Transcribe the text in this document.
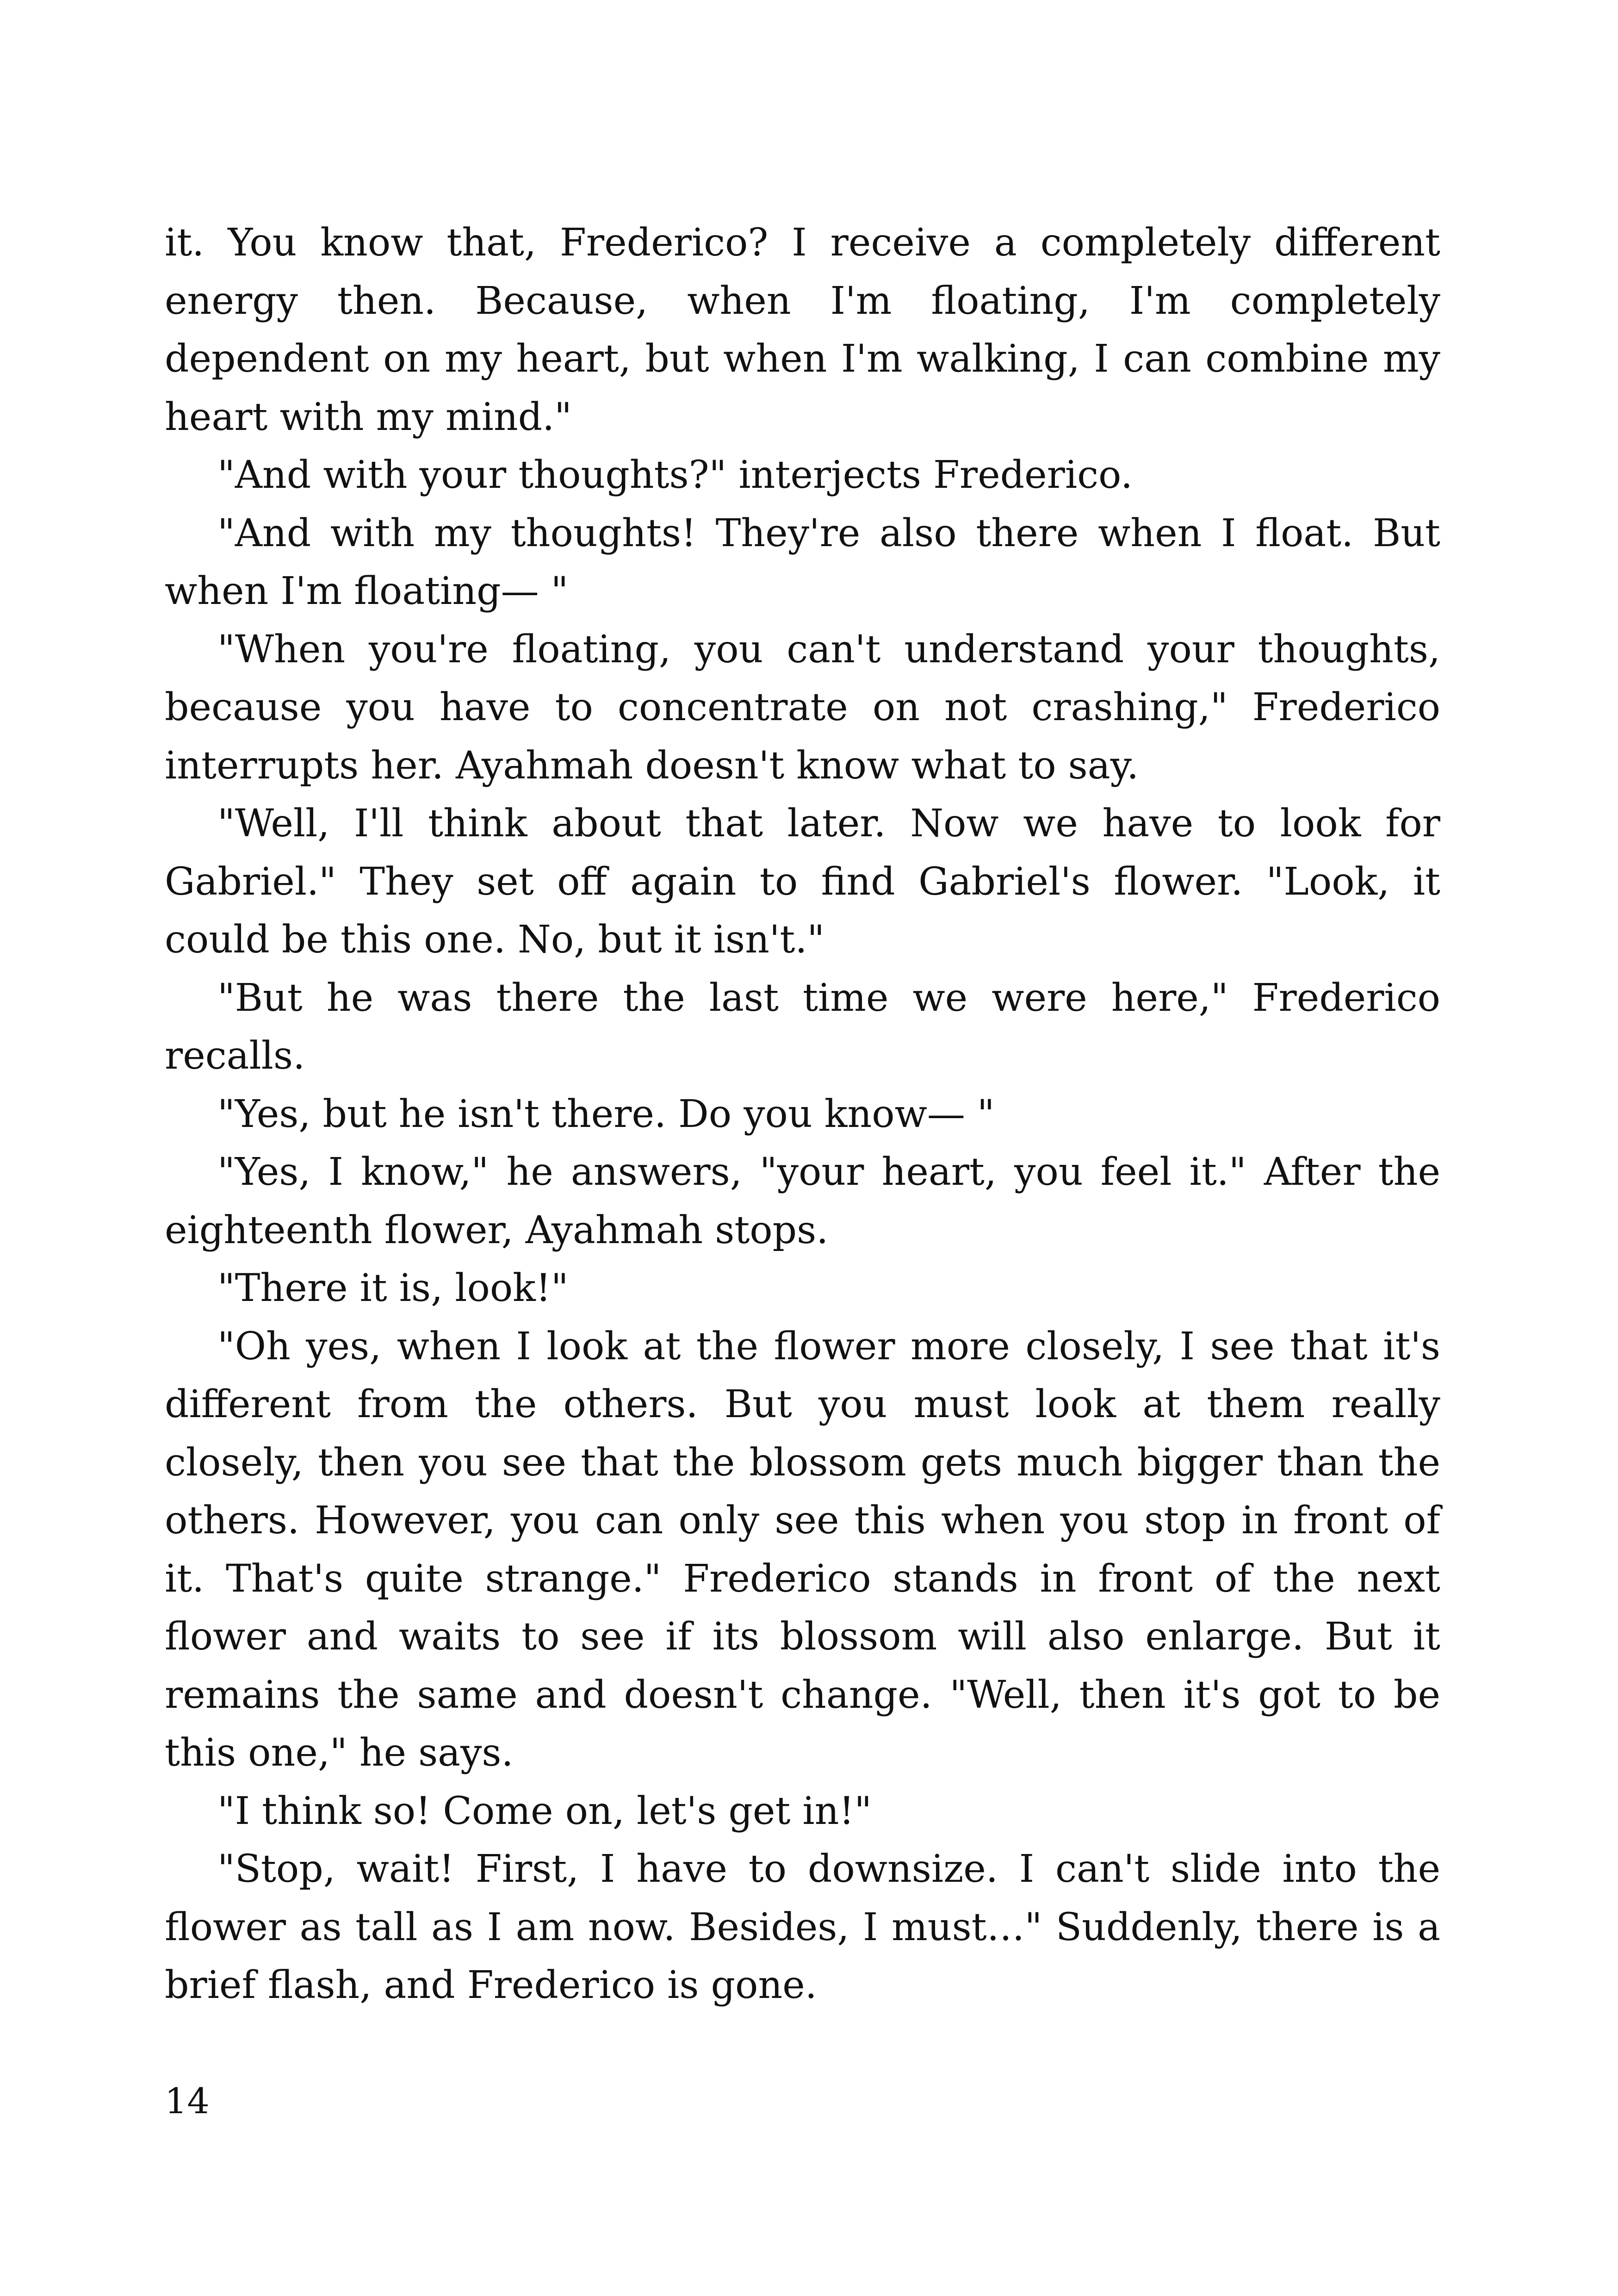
it. You know that, Frederico? I receive a completely different energy then. Because, when I'm floating, I'm completely dependent on my heart, but when I'm walking, I can combine my heart with my mind."

"And with your thoughts?" interjects Frederico.

"And with my thoughts! They're also there when I float. But when I'm floating— "

"When you're floating, you can't understand your thoughts, because you have to concentrate on not crashing," Frederico interrupts her. Ayahmah doesn't know what to say.

"Well, I'll think about that later. Now we have to look for Gabriel." They set off again to find Gabriel's flower. "Look, it could be this one. No, but it isn't."

"But he was there the last time we were here," Frederico recalls.

"Yes, but he isn't there. Do you know— "

"Yes, I know," he answers, "your heart, you feel it." After the eighteenth flower, Ayahmah stops.

"There it is, look!"

"Oh yes, when I look at the flower more closely, I see that it's different from the others. But you must look at them really closely, then you see that the blossom gets much bigger than the others. However, you can only see this when you stop in front of it. That's quite strange." Frederico stands in front of the next flower and waits to see if its blossom will also enlarge. But it remains the same and doesn't change. "Well, then it's got to be this one," he says.

"I think so! Come on, let's get in!"

"Stop, wait! First, I have to downsize. I can't slide into the flower as tall as I am now. Besides, I must…" Suddenly, there is a brief flash, and Frederico is gone.

14
